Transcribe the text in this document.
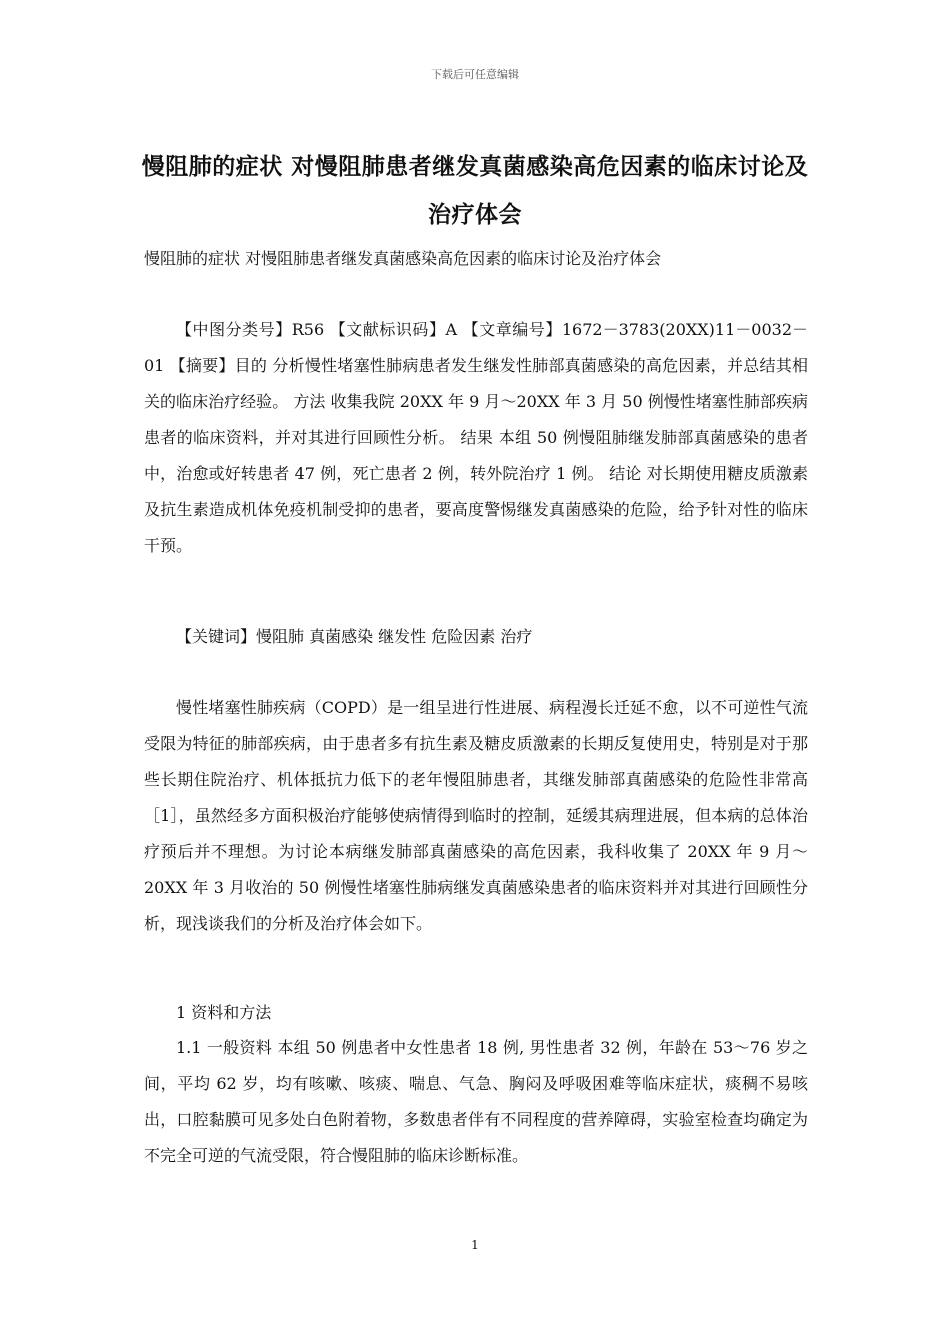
下载后可任意编辑
慢阻肺的症状 对慢阻肺患者继发真菌感染高危因素的临床讨论及治疗体会
慢阻肺的症状 对慢阻肺患者继发真菌感染高危因素的临床讨论及治疗体会
【中图分类号】R56 【文献标识码】A 【文章编号】1672－3783(20XX)11－0032－01 【摘要】目的 分析慢性堵塞性肺病患者发生继发性肺部真菌感染的高危因素，并总结其相关的临床治疗经验。 方法 收集我院 20XX 年 9 月～20XX 年 3 月 50 例慢性堵塞性肺部疾病患者的临床资料，并对其进行回顾性分析。 结果 本组 50 例慢阻肺继发肺部真菌感染的患者中，治愈或好转患者 47 例，死亡患者 2 例，转外院治疗 1 例。 结论 对长期使用糖皮质激素及抗生素造成机体免疫机制受抑的患者，要高度警惕继发真菌感染的危险，给予针对性的临床干预。
【关键词】慢阻肺 真菌感染 继发性 危险因素 治疗
慢性堵塞性肺疾病（COPD）是一组呈进行性进展、病程漫长迁延不愈，以不可逆性气流受限为特征的肺部疾病，由于患者多有抗生素及糖皮质激素的长期反复使用史，特别是对于那些长期住院治疗、机体抵抗力低下的老年慢阻肺患者，其继发肺部真菌感染的危险性非常高［1］，虽然经多方面积极治疗能够使病情得到临时的控制，延缓其病理进展，但本病的总体治疗预后并不理想。为讨论本病继发肺部真菌感染的高危因素，我科收集了 20XX 年 9 月～20XX 年 3 月收治的 50 例慢性堵塞性肺病继发真菌感染患者的临床资料并对其进行回顾性分析，现浅谈我们的分析及治疗体会如下。
1 资料和方法
1.1 一般资料 本组 50 例患者中女性患者 18 例, 男性患者 32 例，年龄在 53～76 岁之间，平均 62 岁，均有咳嗽、咳痰、喘息、气急、胸闷及呼吸困难等临床症状，痰稠不易咳出，口腔黏膜可见多处白色附着物，多数患者伴有不同程度的营养障碍，实验室检查均确定为不完全可逆的气流受限，符合慢阻肺的临床诊断标准。
1
